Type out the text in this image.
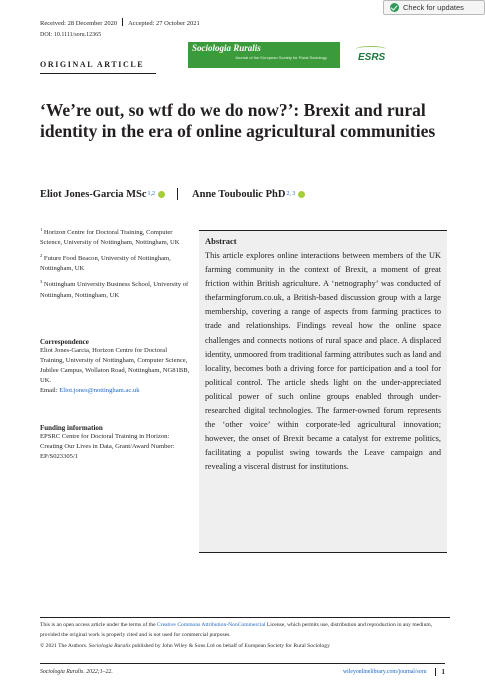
Received: 28 December 2020 Accepted: 27 October 2021
Check for updates
DOI: 10.1111/soru.12365
ORIGINAL ARTICLE
Sociologia Ruralis
Journal of the European Society for Rural Sociology	ESRS
‘We’re out, so wtf do we do now?’: Brexit and rural identity in the era of online agricultural communities
Eliot Jones-Garcia MSc 1,2	Anne Touboulic PhD 2, 3
$^1$ Horizon Centre for Doctoral Training, Computer Science, University of Nottingham, Nottingham, UK
$^2$ Future Food Beacon, University of Nottingham, Nottingham, UK
$^3$ Nottingham University Business School, University of Nottingham, Nottingham, UK
Correspondence
Eliot Jones-Garcia, Horizon Centre for Doctoral Training, University of Nottingham, Computer Science, Jubilee Campus, Wollaton Road, Nottingham, NG81BB, UK.
Email: Eliot.jones@nottingham.ac.uk
Funding information
EPSRC Centre for Doctoral Training in Horizon: Creating Our Lives in Data, Grant/Award Number: EP/S023305/1
Abstract

This article explores online interactions between members of the UK farming community in the context of Brexit, a moment of great friction within British agriculture. A ‘netnography’ was conducted of thefarmingforum.co.uk, a British-based discussion group with a large membership, covering a range of aspects from farming practices to trade and relationships. Findings reveal how the online space challenges and connects notions of rural space and place. A displaced identity, unmoored from traditional farming attributes such as land and locality, becomes both a driving force for participation and a tool for political control. The article sheds light on the under-appreciated political power of such online groups enabled through under-researched digital technologies. The farmer-owned forum represents the ‘other voice’ within corporate-led agricultural innovation; however, the onset of Brexit became a catalyst for extreme politics, facilitating a populist swing towards the Leave campaign and revealing a visceral distrust for institutions.

This is an open access article under the terms of the Creative Commons Attribution-NonCommercial License, which permits use, distribution and reproduction in any medium, provided the original work is properly cited and is not used for commercial purposes.

© 2021 The Authors. Sociologia Ruralis published by John Wiley & Sons Ltd on behalf of European Society for Rural Sociology

Sociologia Ruralis. 2022;1–22.	wileyonlinelibrary.com/journal/soru	1
